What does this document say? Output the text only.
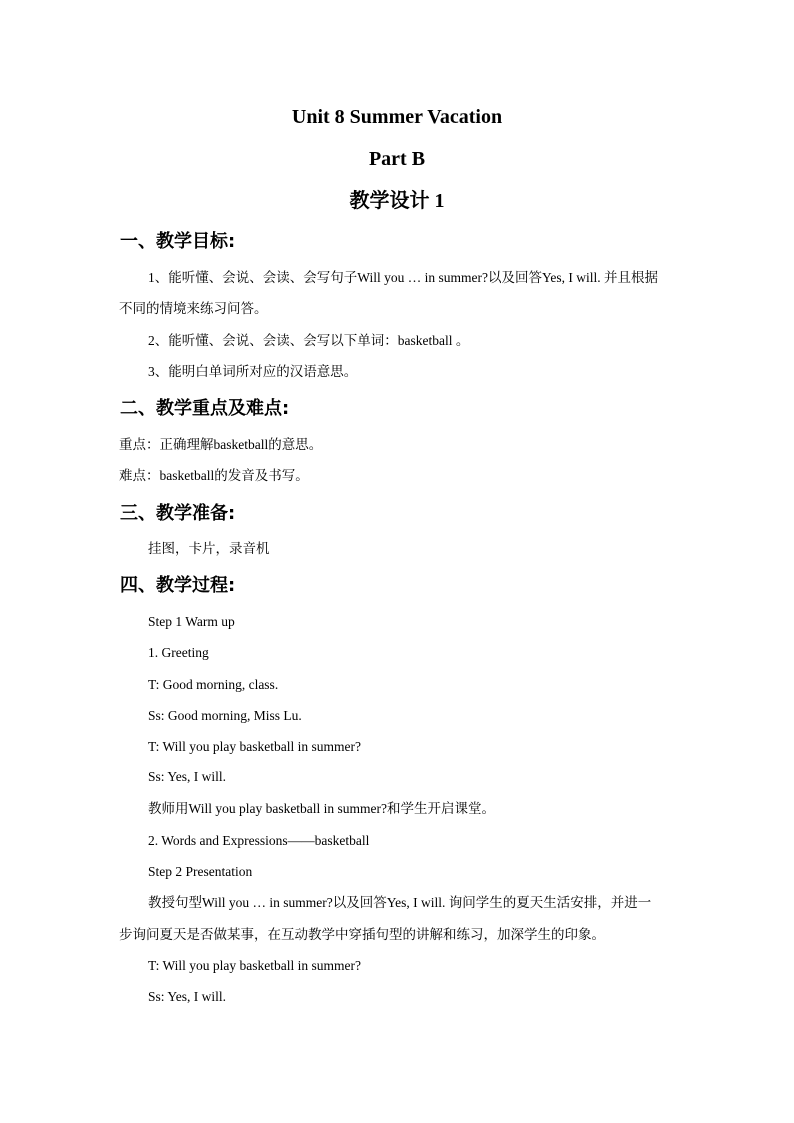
Unit 8 Summer Vacation
Part B
教学设计 1
一、教学目标:
1、能听懂、会说、会读、会写句子Will you … in summer?以及回答Yes, I will. 并且根据
不同的情境来练习问答。
2、能听懂、会说、会读、会写以下单词：basketball 。
3、能明白单词所对应的汉语意思。
二、教学重点及难点:
重点：正确理解basketball的意思。
难点：basketball的发音及书写。
三、教学准备:
挂图，卡片，录音机
四、教学过程:
Step 1 Warm up
1. Greeting
T: Good morning, class.
Ss: Good morning, Miss Lu.
T: Will you play basketball in summer?
Ss: Yes, I will.
教师用Will you play basketball in summer?和学生开启课堂。
2. Words and Expressions——basketball
Step 2 Presentation
教授句型Will you … in summer?以及回答Yes, I will. 询问学生的夏天生活安排，并进一
步询问夏天是否做某事，在互动教学中穿插句型的讲解和练习，加深学生的印象。
T: Will you play basketball in summer?
Ss: Yes, I will.
